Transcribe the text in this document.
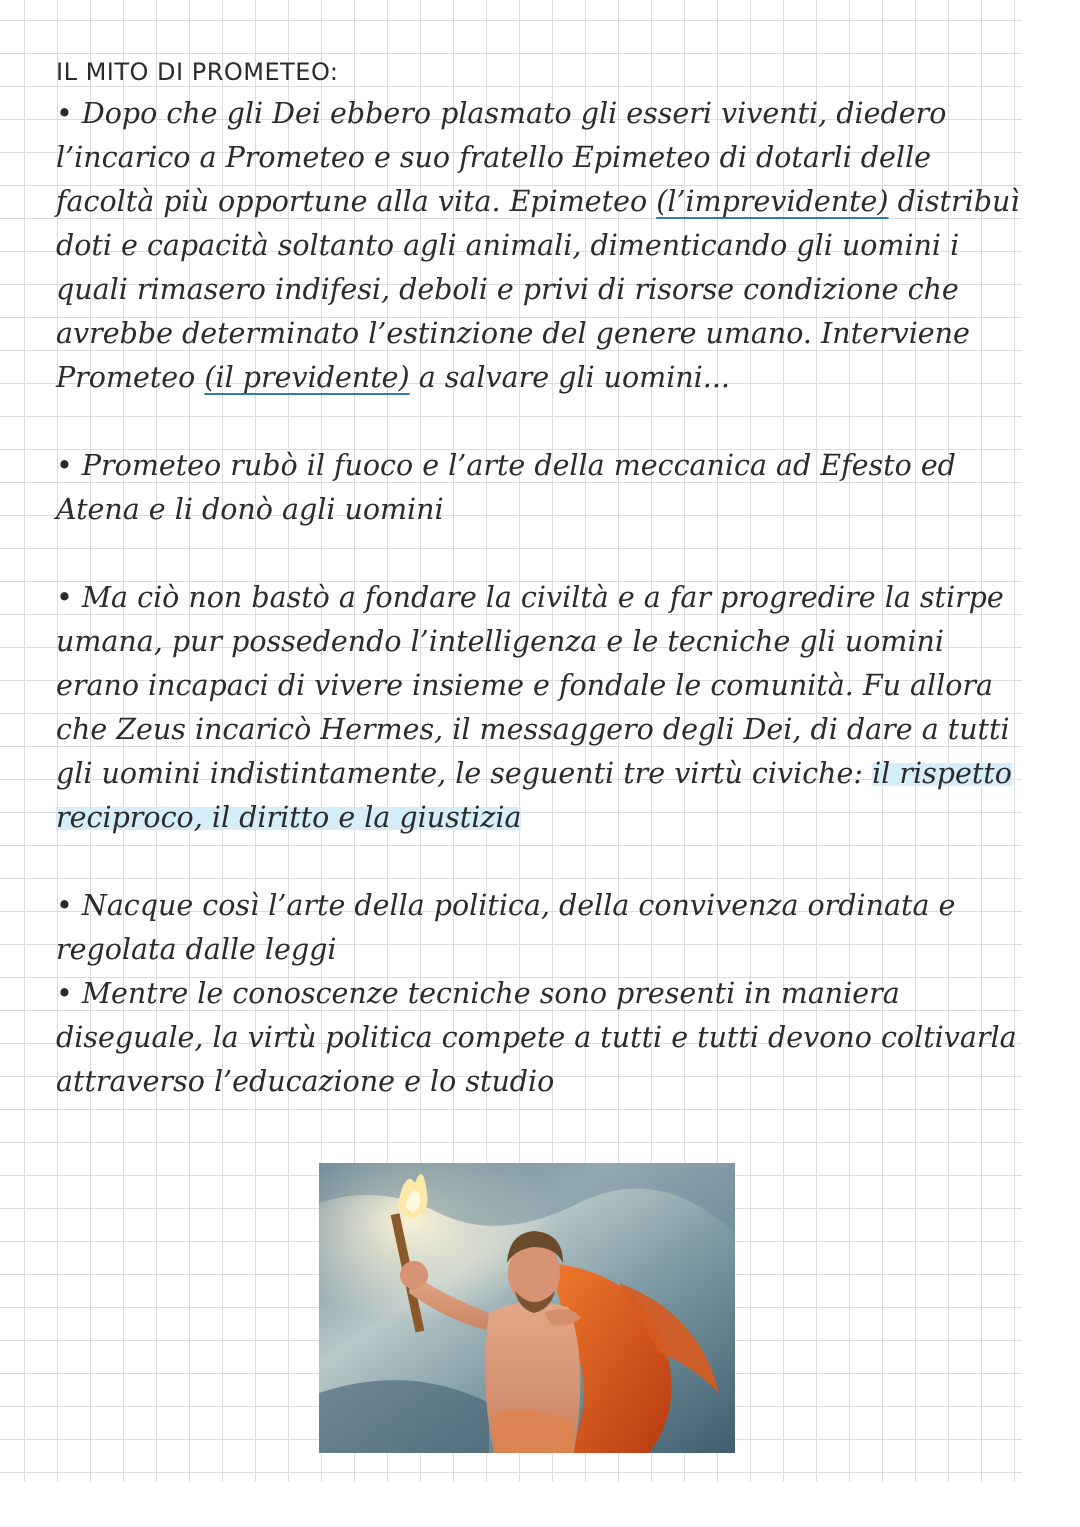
IL MITO DI PROMETEO:

• Dopo che gli Dei ebbero plasmato gli esseri viventi, diedero l’incarico a Prometeo e suo fratello Epimeteo di dotarli delle facoltà più opportune alla vita. Epimeteo (l’imprevidente) distribuì doti e capacità soltanto agli animali, dimenticando gli uomini i quali rimasero indifesi, deboli e privi di risorse condizione che avrebbe determinato l’estinzione del genere umano. Interviene Prometeo (il previdente) a salvare gli uomini...

• Prometeo rubò il fuoco e l’arte della meccanica ad Efesto ed Atena e li donò agli uomini

• Ma ciò non bastò a fondare la civiltà e a far progredire la stirpe umana, pur possedendo l’intelligenza e le tecniche gli uomini erano incapaci di vivere insieme e fondale le comunità. Fu allora che Zeus incaricò Hermes, il messaggero degli Dei, di dare a tutti gli uomini indistintamente, le seguenti tre virtù civiche: il rispetto reciproco, il diritto e la giustizia

• Nacque così l’arte della politica, della convivenza ordinata e regolata dalle leggi

• Mentre le conoscenze tecniche sono presenti in maniera diseguale, la virtù politica compete a tutti e tutti devono coltivarla attraverso l’educazione e lo studio
